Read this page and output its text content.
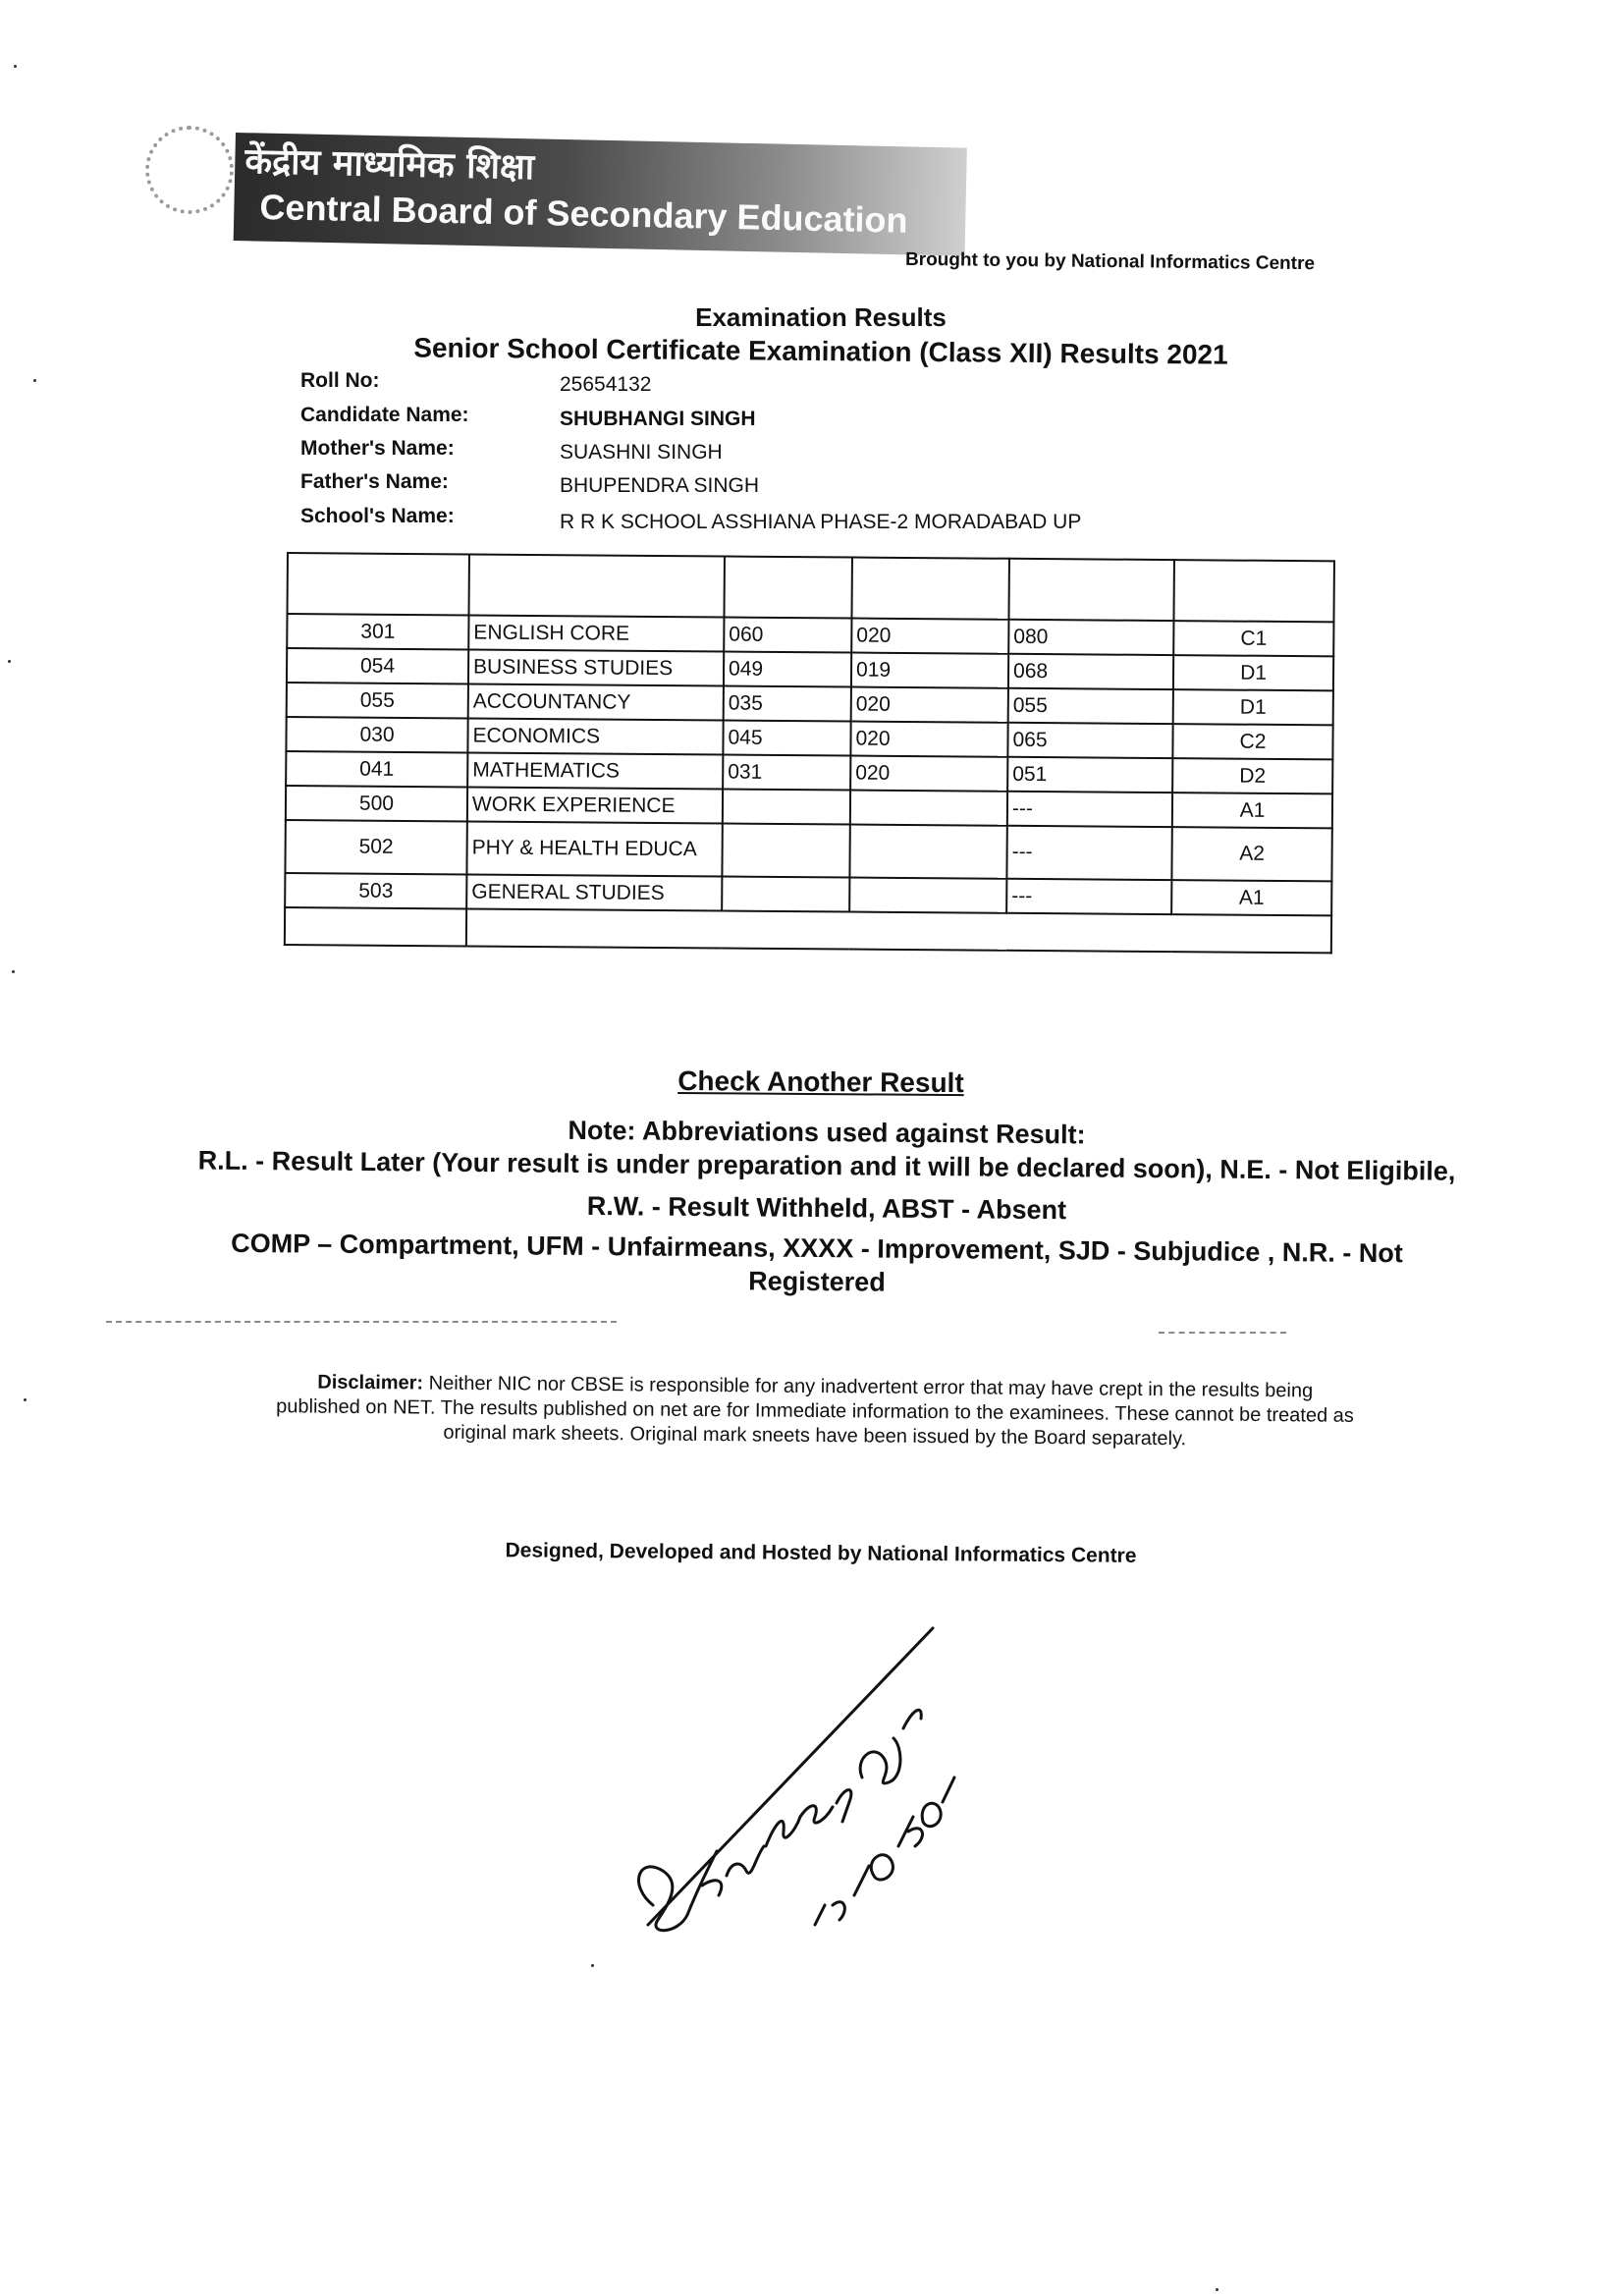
केंद्रीय माध्यमिक शिक्षा
Central Board of Secondary Education
Brought to you by National Informatics Centre
Examination Results
Senior School Certificate Examination (Class XII) Results 2021
Roll No:	25654132
Candidate Name:	SHUBHANGI SINGH
Mother's Name:	SUASHNI SINGH
Father's Name:	BHUPENDRA SINGH
School's Name:	R R K SCHOOL ASSHIANA PHASE-2 MORADABAD UP

301	ENGLISH CORE	060	020	080	C1
054	BUSINESS STUDIES	049	019	068	D1
055	ACCOUNTANCY	035	020	055	D1
030	ECONOMICS	045	020	065	C2
041	MATHEMATICS	031	020	051	D2
500	WORK EXPERIENCE			---	A1
502	PHY & HEALTH EDUCA			---	A2
503	GENERAL STUDIES			---	A1

Check Another Result
Note: Abbreviations used against Result:
R.L. - Result Later (Your result is under preparation and it will be declared soon), N.E. - Not Eligibile,
R.W. - Result Withheld, ABST - Absent
COMP – Compartment, UFM - Unfairmeans, XXXX - Improvement, SJD - Subjudice , N.R. - Not
Registered
Disclaimer: Neither NIC nor CBSE is responsible for any inadvertent error that may have crept in the results being published on NET. The results published on net are for Immediate information to the examinees. These cannot be treated as original mark sheets. Original mark sneets have been issued by the Board separately.
Designed, Developed and Hosted by National Informatics Centre
